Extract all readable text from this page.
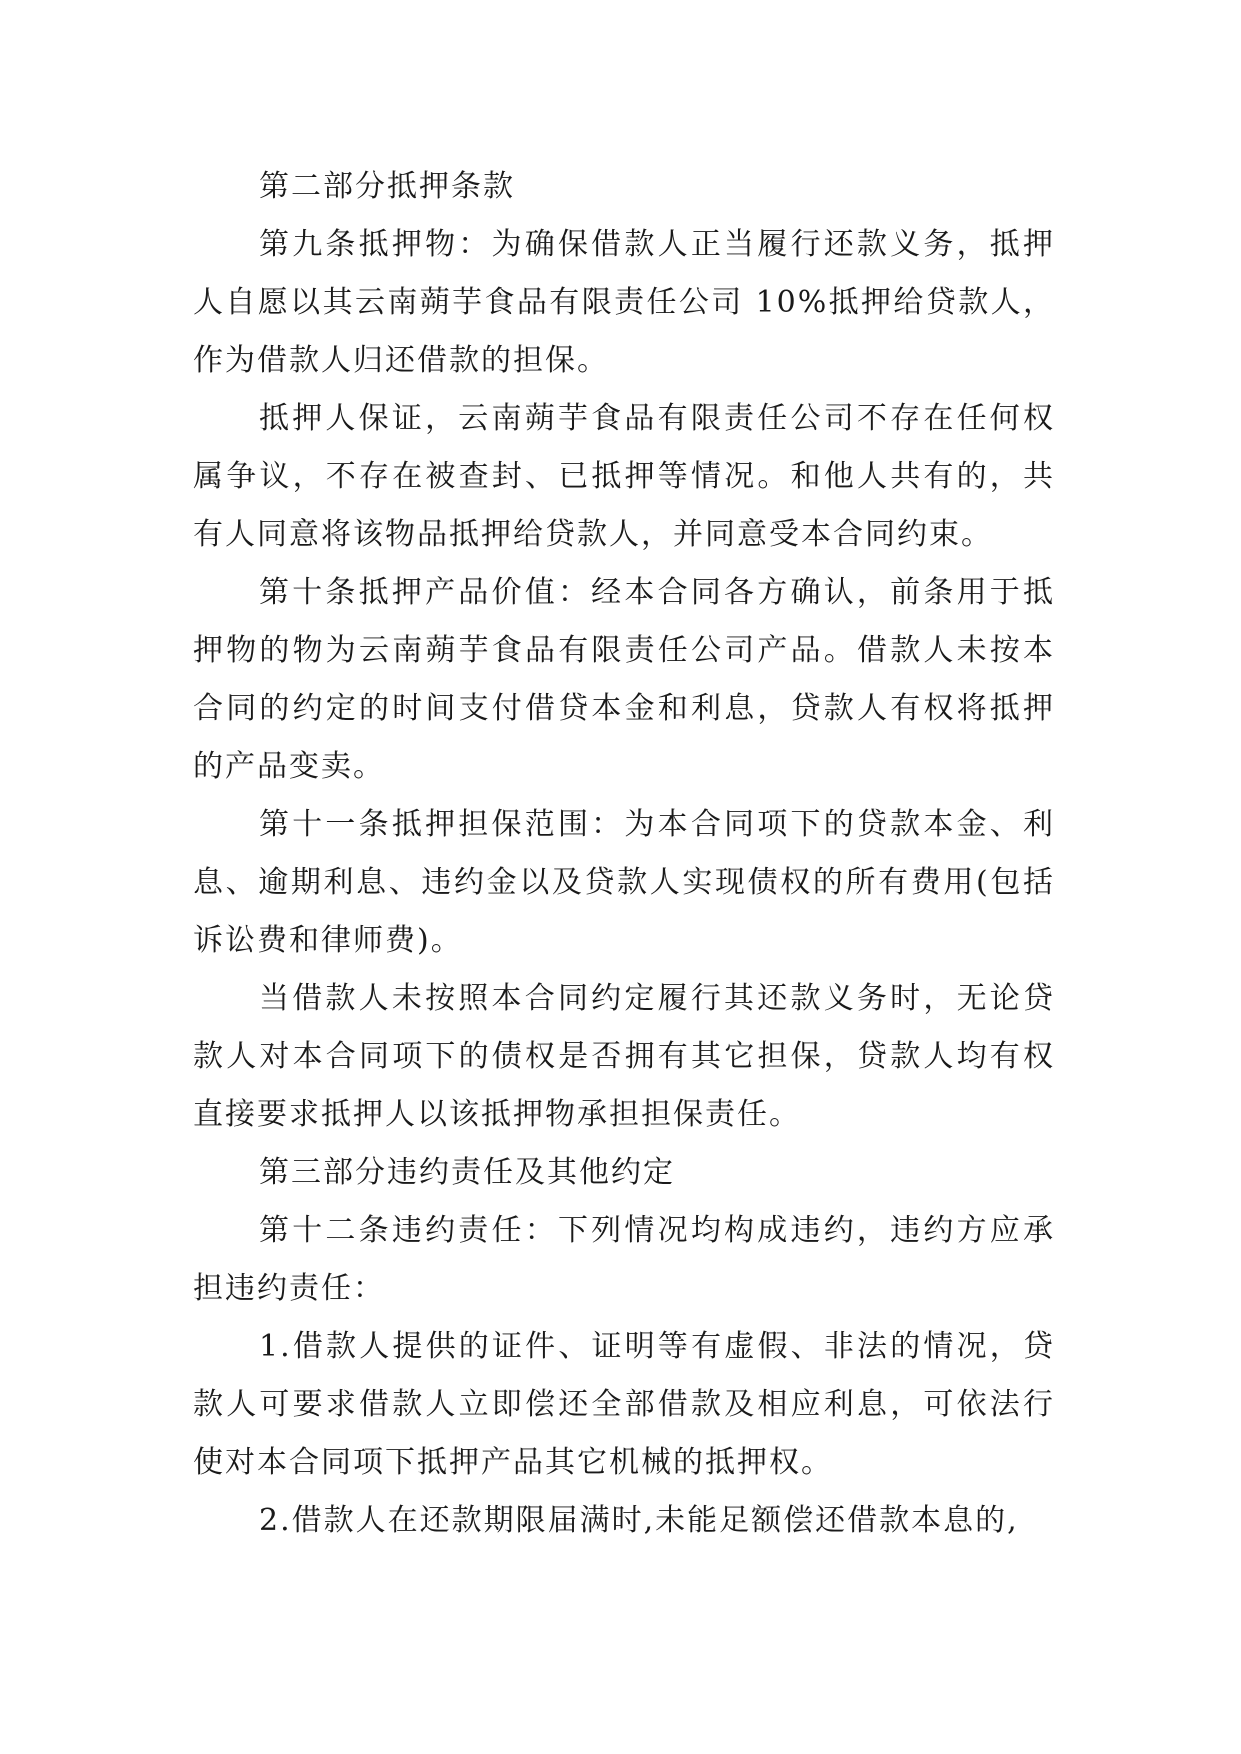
第二部分抵押条款

第九条抵押物：为确保借款人正当履行还款义务，抵押人自愿以其云南蒴芋食品有限责任公司 10%抵押给贷款人，作为借款人归还借款的担保。

抵押人保证，云南蒴芋食品有限责任公司不存在任何权属争议，不存在被查封、已抵押等情况。和他人共有的，共有人同意将该物品抵押给贷款人，并同意受本合同约束。

第十条抵押产品价值：经本合同各方确认，前条用于抵押物的物为云南蒴芋食品有限责任公司产品。借款人未按本合同的约定的时间支付借贷本金和利息，贷款人有权将抵押的产品变卖。

第十一条抵押担保范围：为本合同项下的贷款本金、利息、逾期利息、违约金以及贷款人实现债权的所有费用(包括诉讼费和律师费)。

当借款人未按照本合同约定履行其还款义务时，无论贷款人对本合同项下的债权是否拥有其它担保，贷款人均有权直接要求抵押人以该抵押物承担担保责任。

第三部分违约责任及其他约定

第十二条违约责任：下列情况均构成违约，违约方应承担违约责任：

1.借款人提供的证件、证明等有虚假、非法的情况，贷款人可要求借款人立即偿还全部借款及相应利息，可依法行使对本合同项下抵押产品其它机械的抵押权。

2.借款人在还款期限届满时,未能足额偿还借款本息的,
